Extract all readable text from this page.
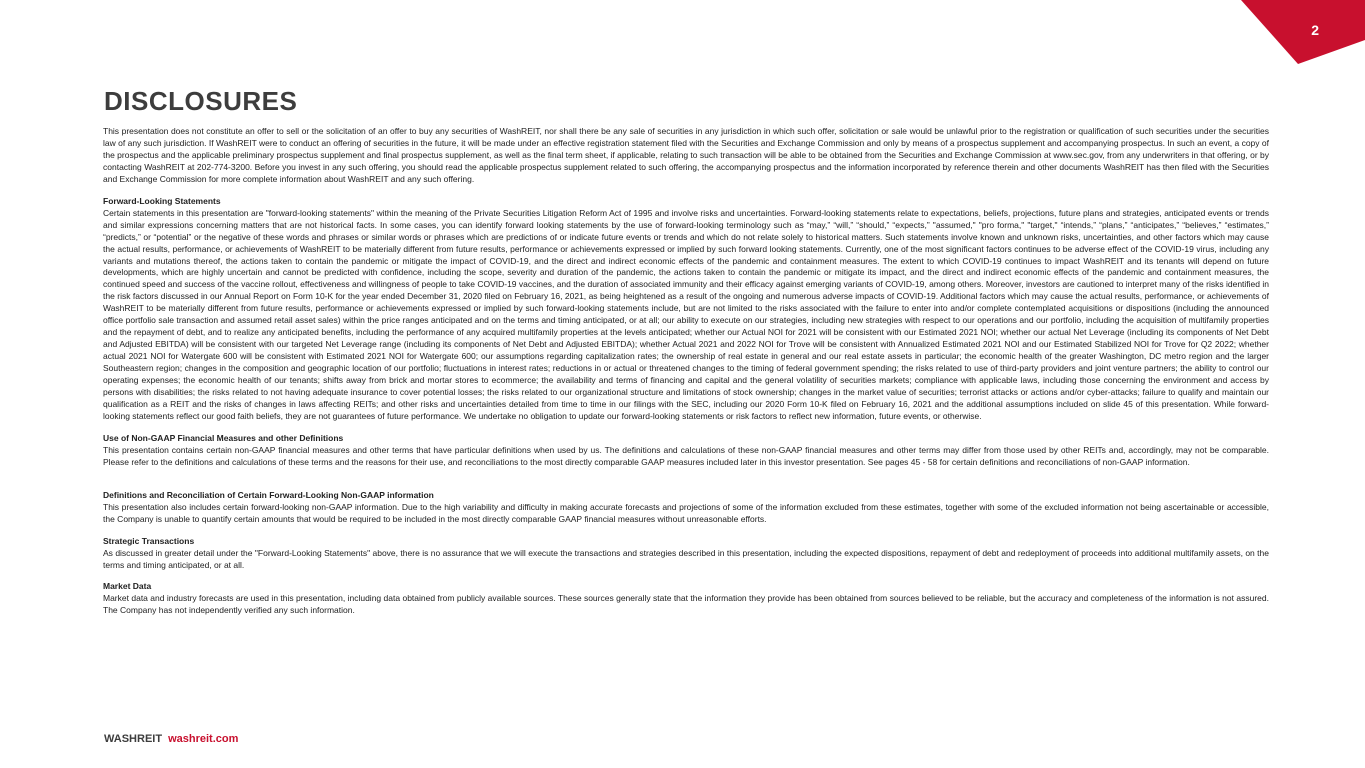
2
DISCLOSURES

This presentation does not constitute an offer to sell or the solicitation of an offer to buy any securities of WashREIT, nor shall there be any sale of securities in any jurisdiction in which such offer, solicitation or sale would be unlawful prior to the registration or qualification of such securities under the securities law of any such jurisdiction. If WashREIT were to conduct an offering of securities in the future, it will be made under an effective registration statement filed with the Securities and Exchange Commission and only by means of a prospectus supplement and accompanying prospectus. In such an event, a copy of the prospectus and the applicable preliminary prospectus supplement and final prospectus supplement, as well as the final term sheet, if applicable, relating to such transaction will be able to be obtained from the Securities and Exchange Commission at www.sec.gov, from any underwriters in that offering, or by contacting WashREIT at 202-774-3200. Before you invest in any such offering, you should read the applicable prospectus supplement related to such offering, the accompanying prospectus and the information incorporated by reference therein and other documents WashREIT has then filed with the Securities and Exchange Commission for more complete information about WashREIT and any such offering.

Forward-Looking Statements

Certain statements in this presentation are "forward-looking statements" within the meaning of the Private Securities Litigation Reform Act of 1995 and involve risks and uncertainties. Forward-looking statements relate to expectations, beliefs, projections, future plans and strategies, anticipated events or trends and similar expressions concerning matters that are not historical facts. In some cases, you can identify forward looking statements by the use of forward-looking terminology such as “may,” “will,” “should,” “expects,” "assumed," "pro forma," "target," “intends,” “plans,” “anticipates,” “believes,” “estimates,” “predicts,” or “potential” or the negative of these words and phrases or similar words or phrases which are predictions of or indicate future events or trends and which do not relate solely to historical matters. Such statements involve known and unknown risks, uncertainties, and other factors which may cause the actual results, performance, or achievements of WashREIT to be materially different from future results, performance or achievements expressed or implied by such forward looking statements. Currently, one of the most significant factors continues to be adverse effect of the COVID-19 virus, including any variants and mutations thereof, the actions taken to contain the pandemic or mitigate the impact of COVID-19, and the direct and indirect economic effects of the pandemic and containment measures. The extent to which COVID-19 continues to impact WashREIT and its tenants will depend on future developments, which are highly uncertain and cannot be predicted with confidence, including the scope, severity and duration of the pandemic, the actions taken to contain the pandemic or mitigate its impact, and the direct and indirect economic effects of the pandemic and containment measures, the continued speed and success of the vaccine rollout, effectiveness and willingness of people to take COVID-19 vaccines, and the duration of associated immunity and their efficacy against emerging variants of COVID-19, among others. Moreover, investors are cautioned to interpret many of the risks identified in the risk factors discussed in our Annual Report on Form 10-K for the year ended December 31, 2020 filed on February 16, 2021, as being heightened as a result of the ongoing and numerous adverse impacts of COVID-19. Additional factors which may cause the actual results, performance, or achievements of WashREIT to be materially different from future results, performance or achievements expressed or implied by such forward-looking statements include, but are not limited to the risks associated with the failure to enter into and/or complete contemplated acquisitions or dispositions (including the announced office portfolio sale transaction and assumed retail asset sales) within the price ranges anticipated and on the terms and timing anticipated, or at all; our ability to execute on our strategies, including new strategies with respect to our operations and our portfolio, including the acquisition of multifamily properties and the repayment of debt, and to realize any anticipated benefits, including the performance of any acquired multifamily properties at the levels anticipated; whether our Actual NOI for 2021 will be consistent with our Estimated 2021 NOI; whether our actual Net Leverage (including its components of Net Debt and Adjusted EBITDA) will be consistent with our targeted Net Leverage range (including its components of Net Debt and Adjusted EBITDA); whether Actual 2021 and 2022 NOI for Trove will be consistent with Annualized Estimated 2021 NOI and our Estimated Stabilized NOI for Trove for Q2 2022; whether actual 2021 NOI for Watergate 600 will be consistent with Estimated 2021 NOI for Watergate 600; our assumptions regarding capitalization rates; the ownership of real estate in general and our real estate assets in particular; the economic health of the greater Washington, DC metro region and the larger Southeastern region; changes in the composition and geographic location of our portfolio; fluctuations in interest rates; reductions in or actual or threatened changes to the timing of federal government spending; the risks related to use of third-party providers and joint venture partners; the ability to control our operating expenses; the economic health of our tenants; shifts away from brick and mortar stores to ecommerce; the availability and terms of financing and capital and the general volatility of securities markets; compliance with applicable laws, including those concerning the environment and access by persons with disabilities; the risks related to not having adequate insurance to cover potential losses; the risks related to our organizational structure and limitations of stock ownership; changes in the market value of securities; terrorist attacks or actions and/or cyber-attacks; failure to qualify and maintain our qualification as a REIT and the risks of changes in laws affecting REITs; and other risks and uncertainties detailed from time to time in our filings with the SEC, including our 2020 Form 10-K filed on February 16, 2021 and the additional assumptions included on slide 45 of this presentation. While forward-looking statements reflect our good faith beliefs, they are not guarantees of future performance. We undertake no obligation to update our forward-looking statements or risk factors to reflect new information, future events, or otherwise.

Use of Non-GAAP Financial Measures and other Definitions

This presentation contains certain non-GAAP financial measures and other terms that have particular definitions when used by us. The definitions and calculations of these non-GAAP financial measures and other terms may differ from those used by other REITs and, accordingly, may not be comparable. Please refer to the definitions and calculations of these terms and the reasons for their use, and reconciliations to the most directly comparable GAAP measures included later in this investor presentation. See pages 45 - 58 for certain definitions and reconciliations of non-GAAP information.

Definitions and Reconciliation of Certain Forward-Looking Non-GAAP information

This presentation also includes certain forward-looking non-GAAP information. Due to the high variability and difficulty in making accurate forecasts and projections of some of the information excluded from these estimates, together with some of the excluded information not being ascertainable or accessible, the Company is unable to quantify certain amounts that would be required to be included in the most directly comparable GAAP financial measures without unreasonable efforts.

Strategic Transactions

As discussed in greater detail under the "Forward-Looking Statements" above, there is no assurance that we will execute the transactions and strategies described in this presentation, including the expected dispositions, repayment of debt and redeployment of proceeds into additional multifamily assets, on the terms and timing anticipated, or at all.

Market Data

Market data and industry forecasts are used in this presentation, including data obtained from publicly available sources. These sources generally state that the information they provide has been obtained from sources believed to be reliable, but the accuracy and completeness of the information is not assured. The Company has not independently verified any such information.

WASHREIT washreit.com
